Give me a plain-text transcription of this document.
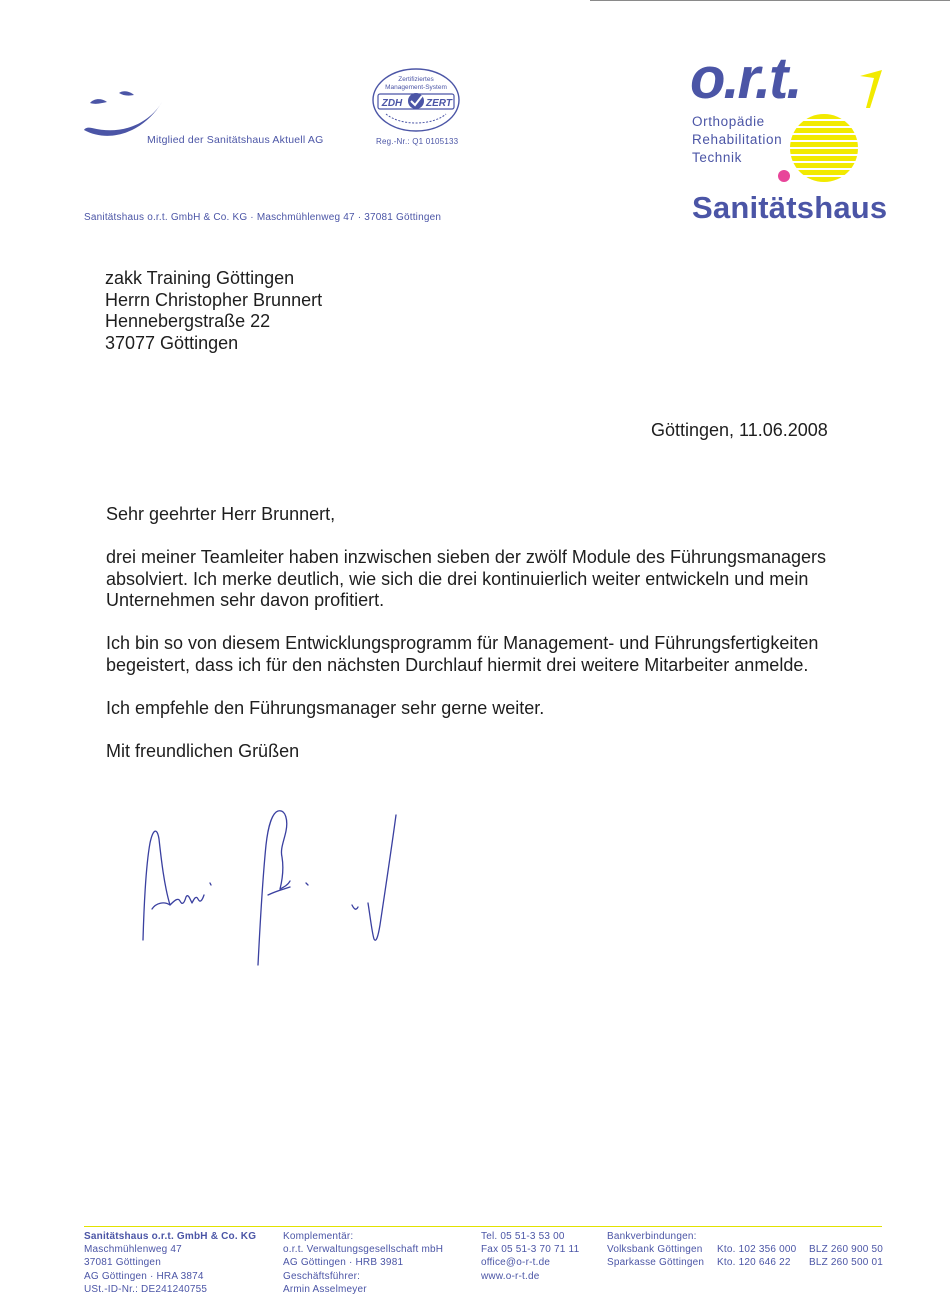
Mitglied der Sanitätshaus Aktuell AG
Zertifiziertes
Management-System
ZDH ZERT
Reg.-Nr.: Q1 0105133
Sanitätshaus o.r.t. GmbH & Co. KG · Maschmühlenweg 47 · 37081 Göttingen
o.r.t.
Orthopädie
Rehabilitation
Technik
Sanitätshaus
zakk Training Göttingen
Herrn Christopher Brunnert
Hennebergstraße 22
37077 Göttingen
Göttingen, 11.06.2008

Sehr geehrter Herr Brunnert,

drei meiner Teamleiter haben inzwischen sieben der zwölf Module des Führungsmanagers absolviert. Ich merke deutlich, wie sich die drei kontinuierlich weiter entwickeln und mein Unternehmen sehr davon profitiert.

Ich bin so von diesem Entwicklungsprogramm für Management- und Führungsfertigkeiten begeistert, dass ich für den nächsten Durchlauf hiermit drei weitere Mitarbeiter anmelde.

Ich empfehle den Führungsmanager sehr gerne weiter.

Mit freundlichen Grüßen

Sanitätshaus o.r.t. GmbH & Co. KG
Maschmühlenweg 47
37081 Göttingen
AG Göttingen · HRA 3874
USt.-ID-Nr.: DE241240755
Komplementär:
o.r.t. Verwaltungsgesellschaft mbH
AG Göttingen · HRB 3981
Geschäftsführer:
Armin Asselmeyer
Tel. 05 51-3 53 00
Fax 05 51-3 70 71 11
office@o-r-t.de
www.o-r-t.de
Bankverbindungen:
Volksbank Göttingen Kto. 102 356 000 BLZ 260 900 50
Sparkasse Göttingen Kto. 120 646 22 BLZ 260 500 01
